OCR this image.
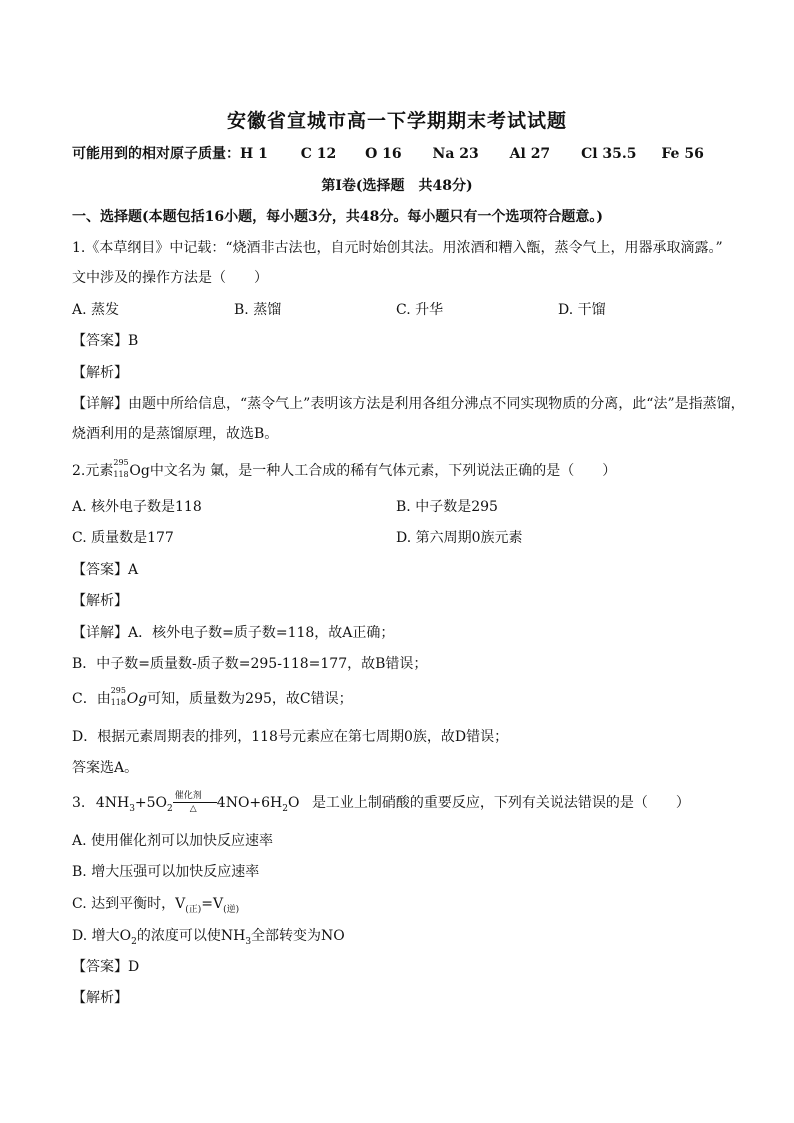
安徽省宣城市高一下学期期末考试试题
可能用到的相对原子质量：H 1 C 12 O 16 Na 23 Al 27 Cl 35.5 Fe 56
第Ⅰ卷(选择题　共48分)
一、选择题(本题包括16小题，每小题3分，共48分。每小题只有一个选项符合题意。)
1.《本草纲目》中记载：“烧酒非古法也，自元时始创其法。用浓酒和糟入甑，蒸令气上，用器承取滴露。”
文中涉及的操作方法是（　　）
A. 蒸发	B. 蒸馏	C. 升华	D. 干馏
【答案】B
【解析】
【详解】由题中所给信息，“蒸令气上”表明该方法是利用各组分沸点不同实现物质的分离，此“法”是指蒸馏，
烧酒利用的是蒸馏原理，故选B。
2.元素
295
118 Og中文名为 氭，是一种人工合成的稀有气体元素，下列说法正确的是（　　）
A. 核外电子数是118	B. 中子数是295
C. 质量数是177	D. 第六周期0族元素
【答案】A
【解析】
【详解】A．核外电子数=质子数=118，故A正确；
B．中子数=质量数-质子数=295-118=177，故B错误；
C．由
295
118 Og可知，质量数为295，故C错误；
D．根据元素周期表的排列，118号元素应在第七周期0族，故D错误；
答案选A。
3. $4NH_3+5O_2$
催化剂
△ $4NO+6H_2O$ 是工业上制硝酸的重要反应，下列有关说法错误的是（　　）
A. 使用催化剂可以加快反应速率
B. 增大压强可以加快反应速率
C. 达到平衡时，$V_{(正)}=V_{(逆)}$
D. 增大$O_2$的浓度可以使$NH_3$全部转变为NO
【答案】D
【解析】
